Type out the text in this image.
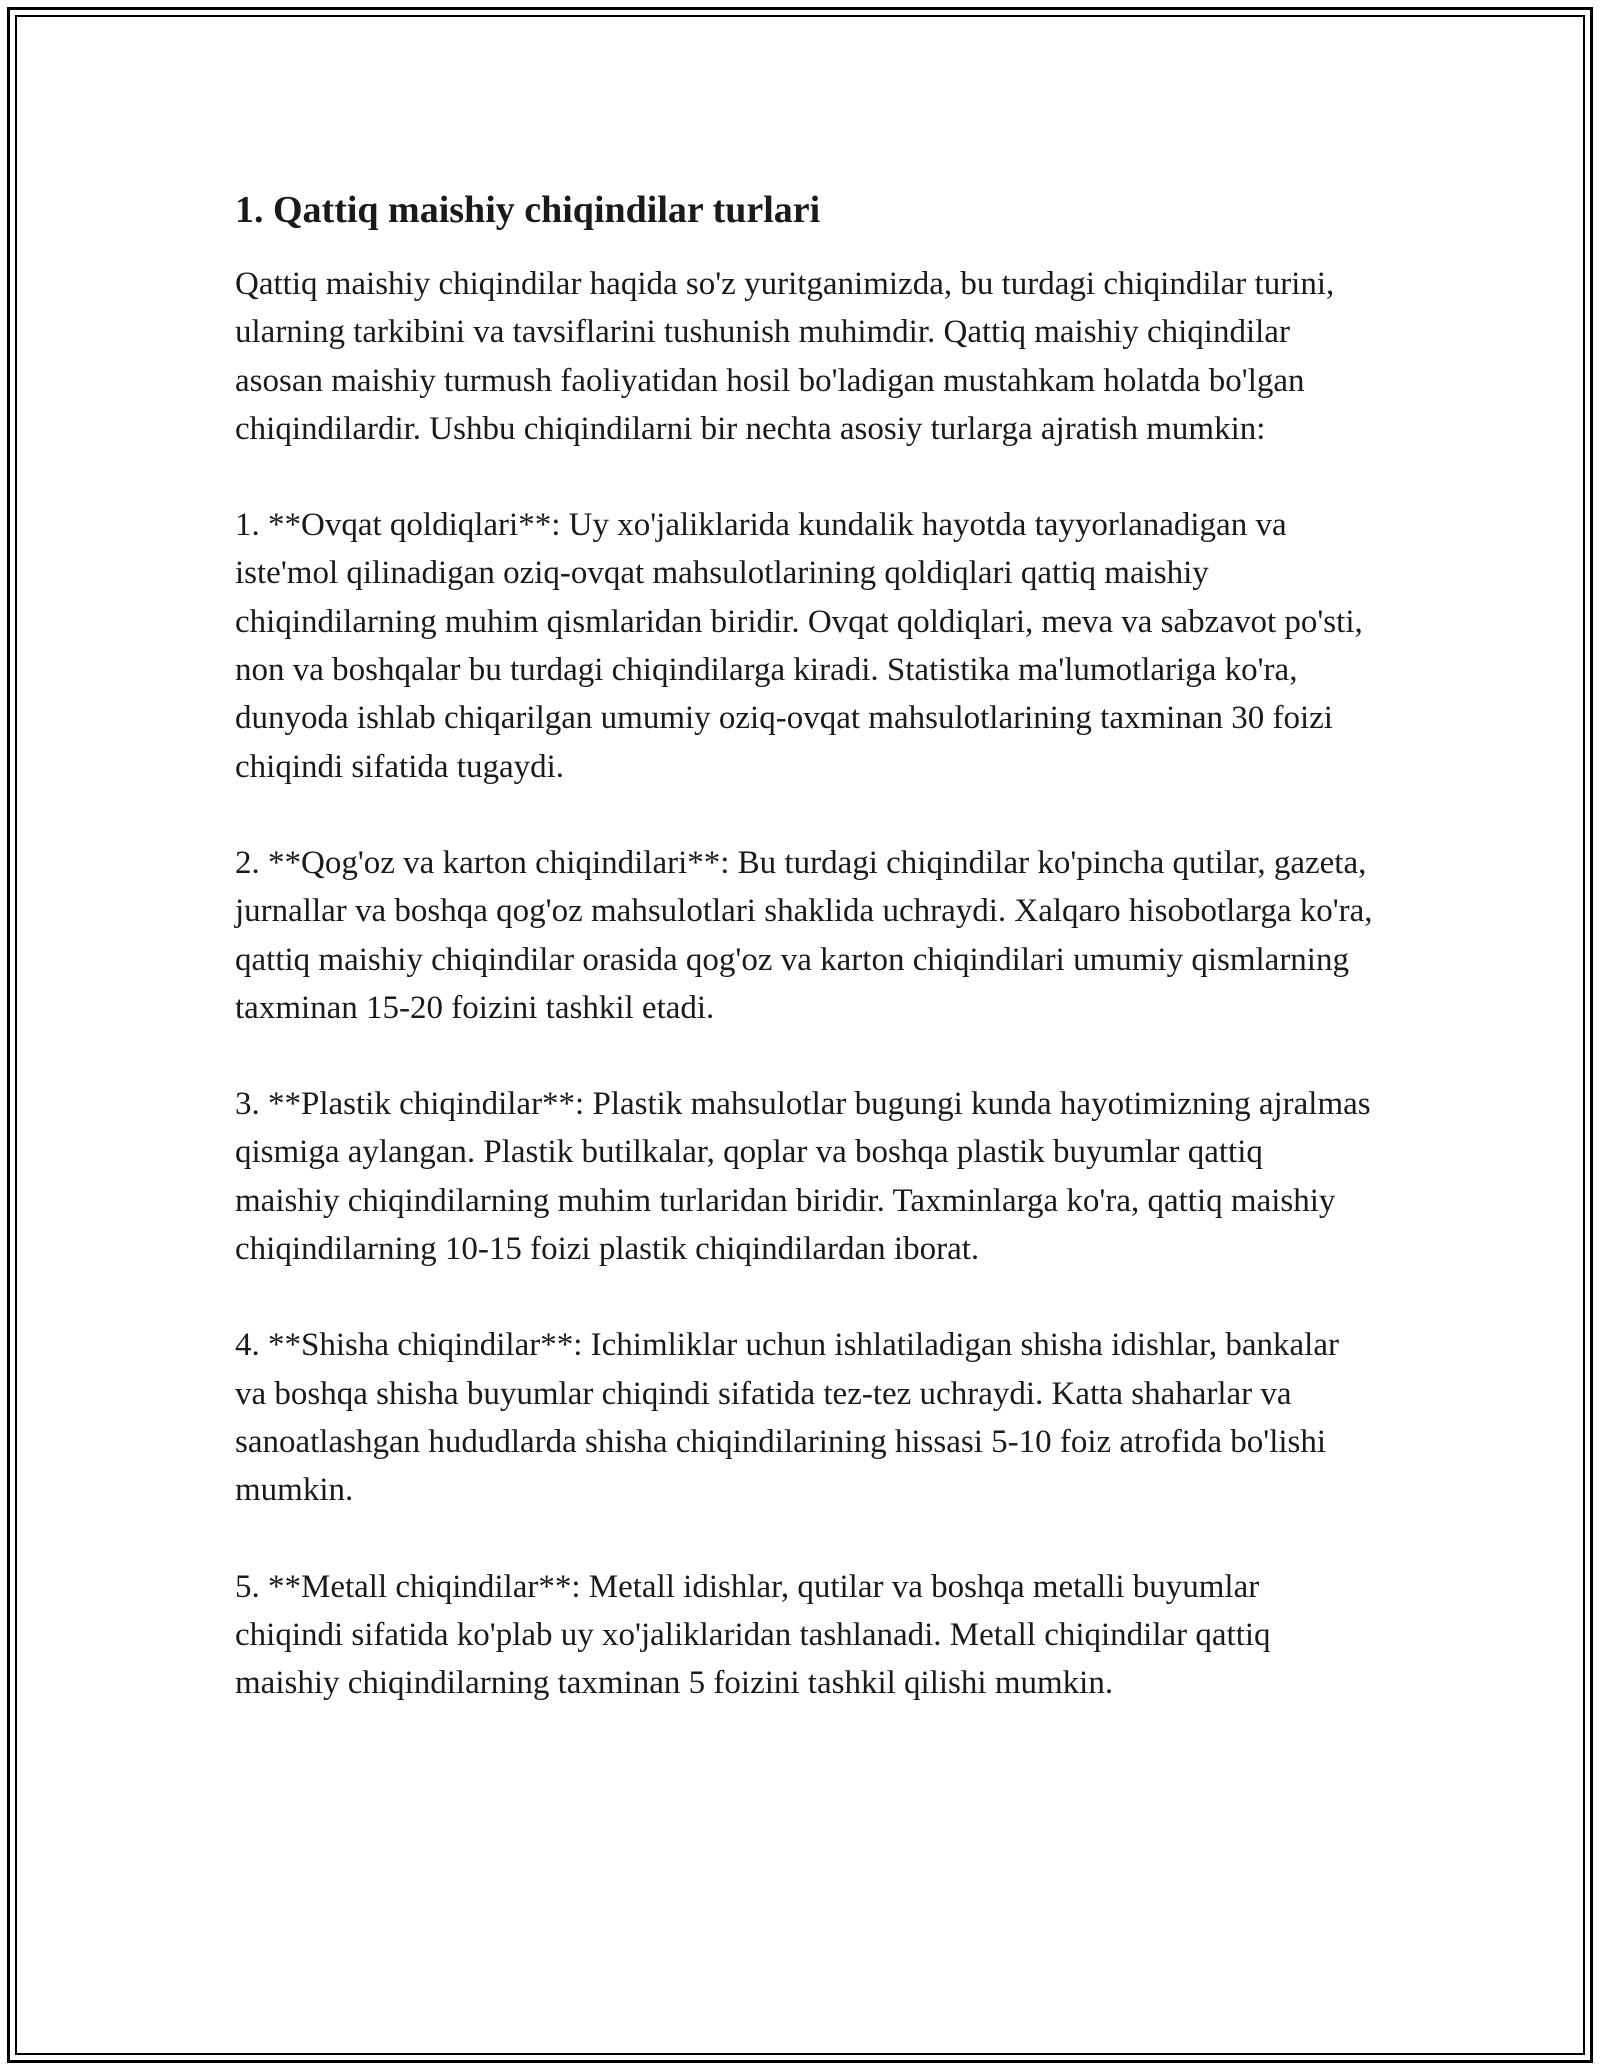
1. Qattiq maishiy chiqindilar turlari

Qattiq maishiy chiqindilar haqida so'z yuritganimizda, bu turdagi chiqindilar turini, ularning tarkibini va tavsiflarini tushunish muhimdir. Qattiq maishiy chiqindilar asosan maishiy turmush faoliyatidan hosil bo'ladigan mustahkam holatda bo'lgan chiqindilardir. Ushbu chiqindilarni bir nechta asosiy turlarga ajratish mumkin:

1. **Ovqat qoldiqlari**: Uy xo'jaliklarida kundalik hayotda tayyorlanadigan va iste'mol qilinadigan oziq-ovqat mahsulotlarining qoldiqlari qattiq maishiy chiqindilarning muhim qismlaridan biridir. Ovqat qoldiqlari, meva va sabzavot po'sti, non va boshqalar bu turdagi chiqindilarga kiradi. Statistika ma'lumotlariga ko'ra, dunyoda ishlab chiqarilgan umumiy oziq-ovqat mahsulotlarining taxminan 30 foizi chiqindi sifatida tugaydi.

2. **Qog'oz va karton chiqindilari**: Bu turdagi chiqindilar ko'pincha qutilar, gazeta, jurnallar va boshqa qog'oz mahsulotlari shaklida uchraydi. Xalqaro hisobotlarga ko'ra, qattiq maishiy chiqindilar orasida qog'oz va karton chiqindilari umumiy qismlarning taxminan 15-20 foizini tashkil etadi.

3. **Plastik chiqindilar**: Plastik mahsulotlar bugungi kunda hayotimizning ajralmas qismiga aylangan. Plastik butilkalar, qoplar va boshqa plastik buyumlar qattiq maishiy chiqindilarning muhim turlaridan biridir. Taxminlarga ko'ra, qattiq maishiy chiqindilarning 10-15 foizi plastik chiqindilardan iborat.

4. **Shisha chiqindilar**: Ichimliklar uchun ishlatiladigan shisha idishlar, bankalar va boshqa shisha buyumlar chiqindi sifatida tez-tez uchraydi. Katta shaharlar va sanoatlashgan hududlarda shisha chiqindilarining hissasi 5-10 foiz atrofida bo'lishi mumkin.

5. **Metall chiqindilar**: Metall idishlar, qutilar va boshqa metalli buyumlar chiqindi sifatida ko'plab uy xo'jaliklaridan tashlanadi. Metall chiqindilar qattiq maishiy chiqindilarning taxminan 5 foizini tashkil qilishi mumkin.
